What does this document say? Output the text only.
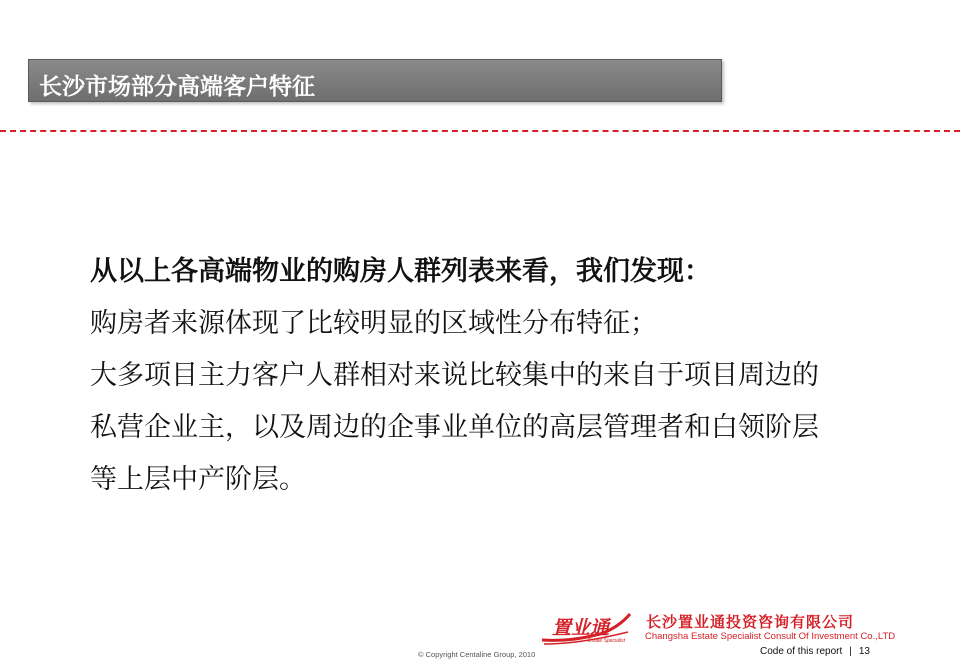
长沙市场部分高端客户特征
从以上各高端物业的购房人群列表来看，我们发现：
购房者来源体现了比较明显的区域性分布特征；
大多项目主力客户人群相对来说比较集中的来自于项目周边的
私营企业主，以及周边的企事业单位的高层管理者和白领阶层
等上层中产阶层。
置业通
Estate Specialist
长沙置业通投资咨询有限公司
Changsha Estate Specialist Consult Of Investment Co.,LTD
© Copyright Centaline Group, 2010	Code of this report | 13
